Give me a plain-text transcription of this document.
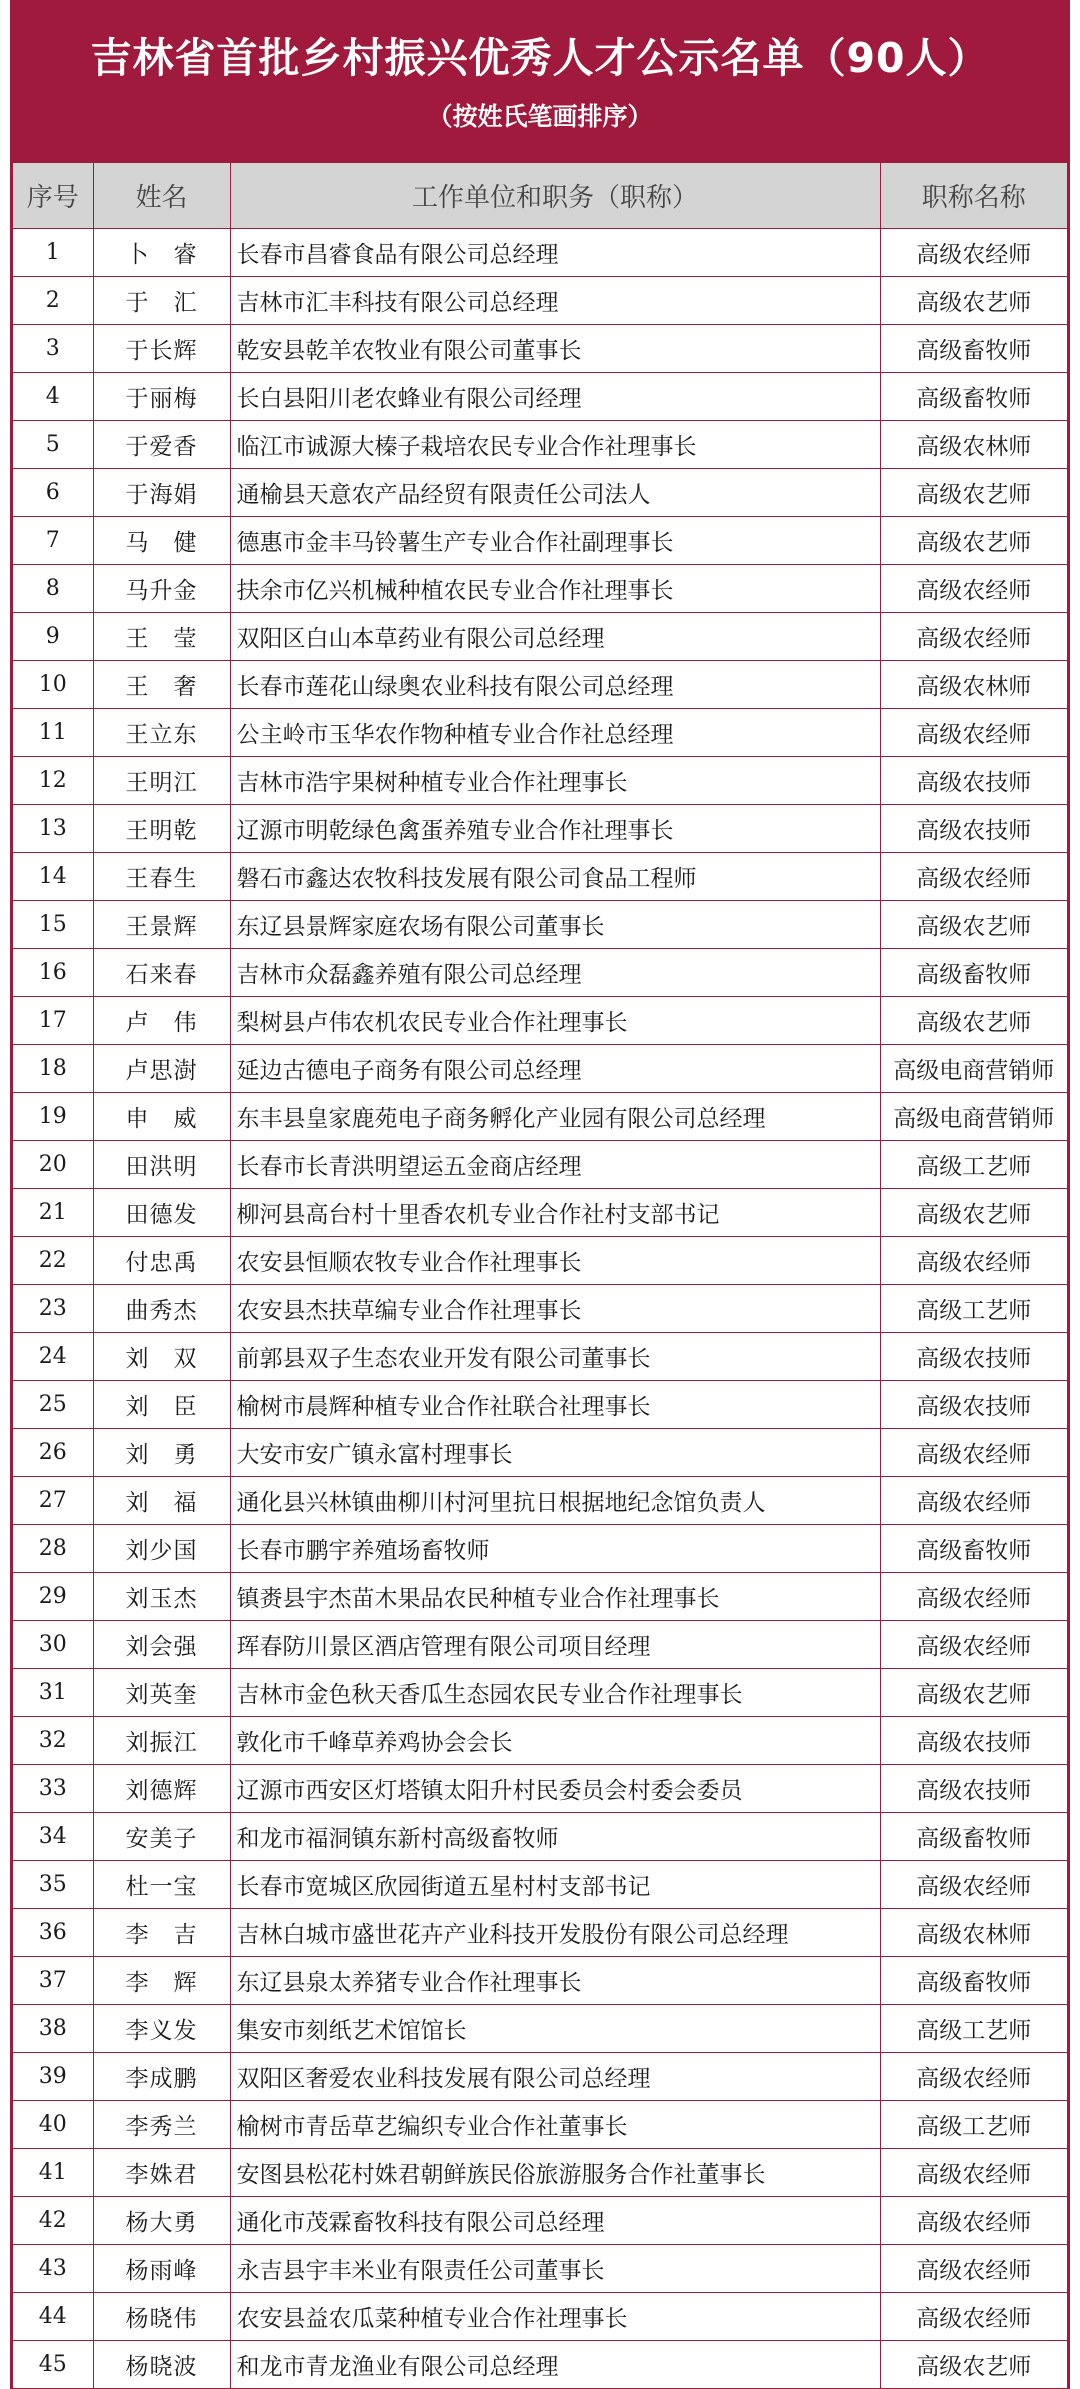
吉林省首批乡村振兴优秀人才公示名单（90人）
（按姓氏笔画排序）
序号	姓名	工作单位和职务（职称）	职称名称
1	卜　睿	长春市昌睿食品有限公司总经理	高级农经师
2	于　汇	吉林市汇丰科技有限公司总经理	高级农艺师
3	于长辉	乾安县乾羊农牧业有限公司董事长	高级畜牧师
4	于丽梅	长白县阳川老农蜂业有限公司经理	高级畜牧师
5	于爱香	临江市诚源大榛子栽培农民专业合作社理事长	高级农林师
6	于海娟	通榆县天意农产品经贸有限责任公司法人	高级农艺师
7	马　健	德惠市金丰马铃薯生产专业合作社副理事长	高级农艺师
8	马升金	扶余市亿兴机械种植农民专业合作社理事长	高级农经师
9	王　莹	双阳区白山本草药业有限公司总经理	高级农经师
10	王　奢	长春市莲花山绿奥农业科技有限公司总经理	高级农林师
11	王立东	公主岭市玉华农作物种植专业合作社总经理	高级农经师
12	王明江	吉林市浩宇果树种植专业合作社理事长	高级农技师
13	王明乾	辽源市明乾绿色禽蛋养殖专业合作社理事长	高级农技师
14	王春生	磐石市鑫达农牧科技发展有限公司食品工程师	高级农经师
15	王景辉	东辽县景辉家庭农场有限公司董事长	高级农艺师
16	石来春	吉林市众磊鑫养殖有限公司总经理	高级畜牧师
17	卢　伟	梨树县卢伟农机农民专业合作社理事长	高级农艺师
18	卢思澍	延边古德电子商务有限公司总经理	高级电商营销师
19	申　威	东丰县皇家鹿苑电子商务孵化产业园有限公司总经理	高级电商营销师
20	田洪明	长春市长青洪明望运五金商店经理	高级工艺师
21	田德发	柳河县高台村十里香农机专业合作社村支部书记	高级农艺师
22	付忠禹	农安县恒顺农牧专业合作社理事长	高级农经师
23	曲秀杰	农安县杰扶草编专业合作社理事长	高级工艺师
24	刘　双	前郭县双子生态农业开发有限公司董事长	高级农技师
25	刘　臣	榆树市晨辉种植专业合作社联合社理事长	高级农技师
26	刘　勇	大安市安广镇永富村理事长	高级农经师
27	刘　福	通化县兴林镇曲柳川村河里抗日根据地纪念馆负责人	高级农经师
28	刘少国	长春市鹏宇养殖场畜牧师	高级畜牧师
29	刘玉杰	镇赉县宇杰苗木果品农民种植专业合作社理事长	高级农经师
30	刘会强	珲春防川景区酒店管理有限公司项目经理	高级农经师
31	刘英奎	吉林市金色秋天香瓜生态园农民专业合作社理事长	高级农艺师
32	刘振江	敦化市千峰草养鸡协会会长	高级农技师
33	刘德辉	辽源市西安区灯塔镇太阳升村民委员会村委会委员	高级农技师
34	安美子	和龙市福洞镇东新村高级畜牧师	高级畜牧师
35	杜一宝	长春市宽城区欣园街道五星村村支部书记	高级农经师
36	李　吉	吉林白城市盛世花卉产业科技开发股份有限公司总经理	高级农林师
37	李　辉	东辽县泉太养猪专业合作社理事长	高级畜牧师
38	李义发	集安市刻纸艺术馆馆长	高级工艺师
39	李成鹏	双阳区奢爱农业科技发展有限公司总经理	高级农经师
40	李秀兰	榆树市青岳草艺编织专业合作社董事长	高级工艺师
41	李姝君	安图县松花村姝君朝鲜族民俗旅游服务合作社董事长	高级农经师
42	杨大勇	通化市茂霖畜牧科技有限公司总经理	高级农经师
43	杨雨峰	永吉县宇丰米业有限责任公司董事长	高级农经师
44	杨晓伟	农安县益农瓜菜种植专业合作社理事长	高级农经师
45	杨晓波	和龙市青龙渔业有限公司总经理	高级农艺师
